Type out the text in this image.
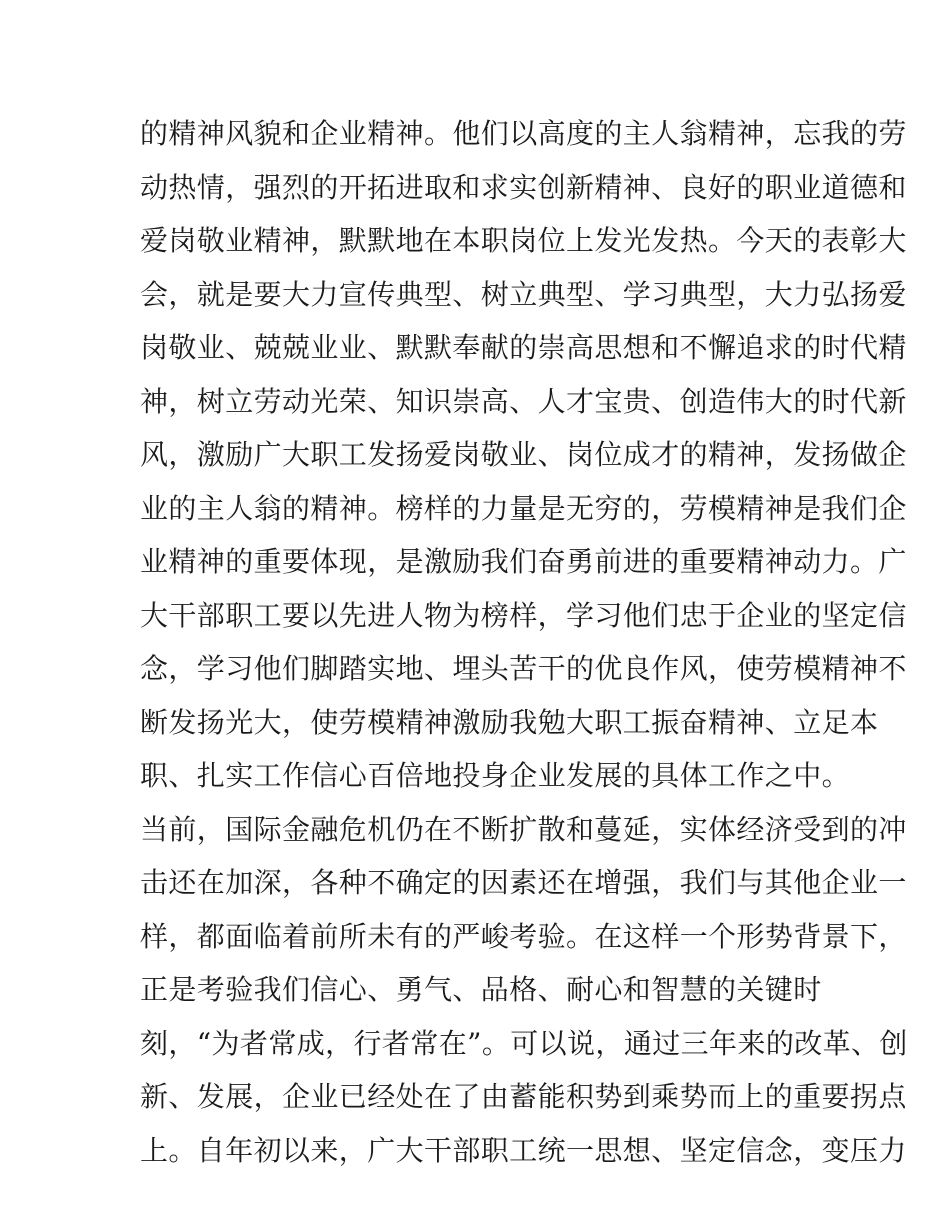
的精神风貌和企业精神。他们以高度的主人翁精神，忘我的劳
动热情，强烈的开拓进取和求实创新精神、良好的职业道德和
爱岗敬业精神，默默地在本职岗位上发光发热。今天的表彰大
会，就是要大力宣传典型、树立典型、学习典型，大力弘扬爱
岗敬业、兢兢业业、默默奉献的崇高思想和不懈追求的时代精
神，树立劳动光荣、知识崇高、人才宝贵、创造伟大的时代新
风，激励广大职工发扬爱岗敬业、岗位成才的精神，发扬做企
业的主人翁的精神。榜样的力量是无穷的，劳模精神是我们企
业精神的重要体现，是激励我们奋勇前进的重要精神动力。广
大干部职工要以先进人物为榜样，学习他们忠于企业的坚定信
念，学习他们脚踏实地、埋头苦干的优良作风，使劳模精神不
断发扬光大，使劳模精神激励我勉大职工振奋精神、立足本
职、扎实工作信心百倍地投身企业发展的具体工作之中。
当前，国际金融危机仍在不断扩散和蔓延，实体经济受到的冲
击还在加深，各种不确定的因素还在增强，我们与其他企业一
样，都面临着前所未有的严峻考验。在这样一个形势背景下，
正是考验我们信心、勇气、品格、耐心和智慧的关键时
刻，“为者常成，行者常在”。可以说，通过三年来的改革、创
新、发展，企业已经处在了由蓄能积势到乘势而上的重要拐点
上。自年初以来，广大干部职工统一思想、坚定信念，变压力
